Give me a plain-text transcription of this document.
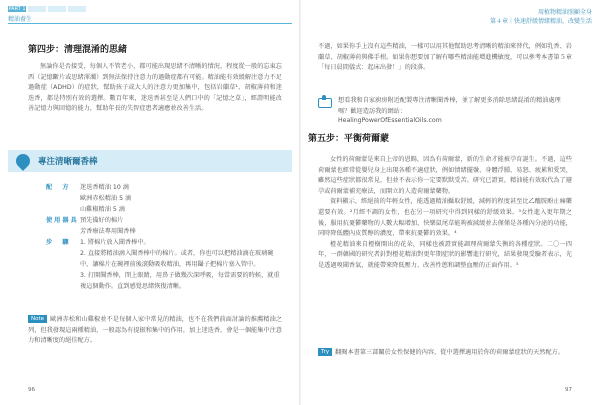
PART 1
精油養生
第四步：清理混淆的思緒

無論你是否接受，每個人不管老小，都可能出現思緒不清晰的情況，程度從一般的忘東忘西（記憶斷片或思緒渾濁）到無法保持注意力的過動症都有可能。精油能有效緩解注意力不足過動症（ADHD）的症狀，幫助孩子或大人的注意力更加集中，包括岩蘭草¹、胡椒薄荷和迷迭香，都是特別有效的選擇。數百年來，迷迭香甚至是人們口中的「記憶之草」，經證明能改善記憶力與回憶的能力，幫助年長的失智症患者適應並改善生活。

專注清晰爾香棒
配　方	迷迭香精油 10 滴
歐洲赤松精油 5 滴
山雞椒精油 5 滴
使用器具 預先備好的棉片
芳香療法專用聞香棒
步　驟	1. 將棉片放入聞香棒中。
2. 直接將精油滴入聞香棒中的棉片。或者，你也可以把精油滴在玻璃碗中，讓棉片在碗裡前後滾動吸收精油，再用鑷子把棉片塞入管中。
3. 打開聞香棒，閉上眼睛，用鼻子做幾次深呼吸，每當需要的時候，就重複這個動作。直到感覺思緒恢復清晰。

Note 歐洲赤松和山雞椒並不是每個人家中常見的精油，也不在我們前面討論的推薦精油之列，但我發現這兩種精油，一般認為有提振和集中的作用，加上迷迭香，會是一個能集中注意力和清晰度的絕佳配方。

96
用植物精油照顧全身
第４章｜快速舒緩情緒精油，改變生活

不過，如果你手上沒有這些精油，一樣可以用其他幫助思考清晰的精油來替代，例如乳香、岩蘭草、胡椒薄荷與佛手柑。如果你想要加了解有哪些精油能增進機敏度，可以參考本書第５章「每日晨間儀式：起床出發！」的段落。

想看我和自家廚房附近配製專注清晰聞香棒，並了解更多消除思緒混淆的精油處理嗎？歡迎造訪我的網站：
HealingPowerOfEssentialOils.com
第五步：平衡荷爾蒙

女性的荷爾蒙是來自上帝的恩賜，因為有荷爾蒙，新的生命才能被孕育誕生。不過，這些荷爾蒙也經常從嬰兒身上出現各種不適症狀，例如情緒擺盪、身體浮腫、易怒、疲累和愛哭，雖然這些症狀都很常見，但並不表示你一定要默默受苦。研究已證實，精油能有效取代為了避孕或荷爾蒙補充療法，而開立的人造荷爾蒙藥物。

資料顯示，經絕前的年輕女性，能透過精油攝取舒緩，減輕的程度甚至比乙醯胺酚止痛藥還要有效。²月經不調的女性，也在另一項研究中得到同樣的舒緩效果。³女性進入更年期之後，服用抗憂鬱藥物的人數大幅增加，快樂鼠尾草能夠被減緩並去僅僅是各種內分泌的功能，同時降低體內皮質醇的濃度，帶來抗憂鬱的效果。⁴

橙花精油來自橙樹開出的花朵，同樣也被證實能調理荷爾蒙失衡的各種症狀。二〇一四年，一群韓國的研究者針對橙花精油對更年期症狀的影響進行研究，結果發現受驗者表示，光是透過嗅聞香氣，就能帶來降低壓力、改善性慾和調整血壓的正面作用。⁵

Try 翻閱本書第三部關於女性保健的內容，從中選擇適用於你的荷爾蒙症狀的天然配方。

97
